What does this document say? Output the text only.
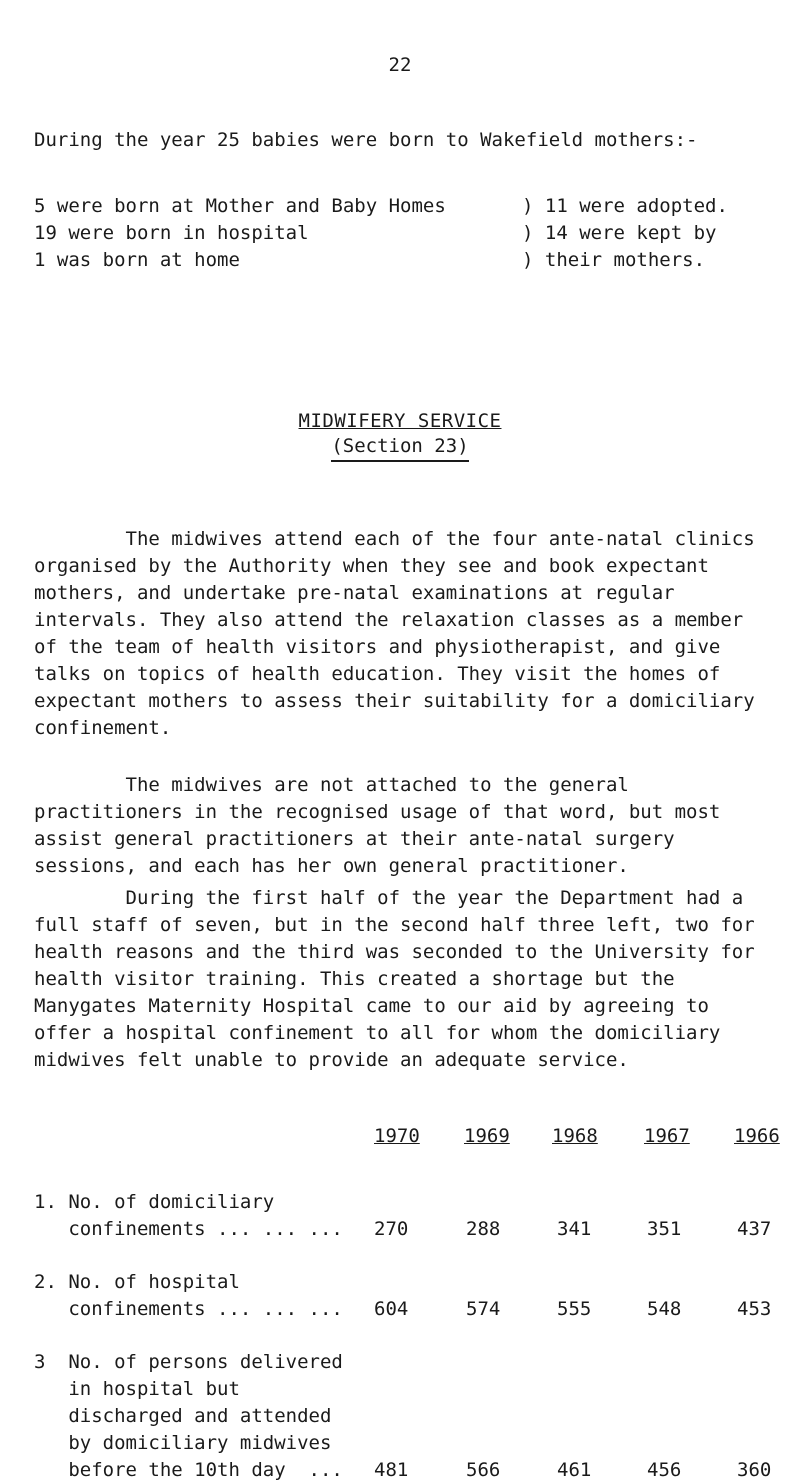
22
During the year 25 babies were born to Wakefield mothers:-
5 were born at Mother and Baby Homes	) 11 were adopted.
19 were born in hospital	) 14 were kept by
1 was born at home	) their mothers.
MIDWIFERY SERVICE
(Section 23)
The midwives attend each of the four ante-natal clinics organised by the Authority when they see and book expectant mothers, and undertake pre-natal examinations at regular intervals. They also attend the relaxation classes as a member of the team of health visitors and physiotherapist, and give talks on topics of health education. They visit the homes of expectant mothers to assess their suitability for a domiciliary confinement.
The midwives are not attached to the general practitioners in the recognised usage of that word, but most assist general practitioners at their ante-natal surgery sessions, and each has her own general practitioner.
During the first half of the year the Department had a full staff of seven, but in the second half three left, two for health reasons and the third was seconded to the University for health visitor training. This created a shortage but the Manygates Maternity Hospital came to our aid by agreeing to offer a hospital confinement to all for whom the domiciliary midwives felt unable to provide an adequate service.
1970 1969 1968 1967 1966
1. No. of domiciliary
confinements ... ... ...	270	288	341	351	437
2. No. of hospital
confinements ... ... ...	604	574	555	548	453
3  No. of persons delivered
in hospital but
discharged and attended
by domiciliary midwives
before the 10th day  ...	481	566	461	456	360
